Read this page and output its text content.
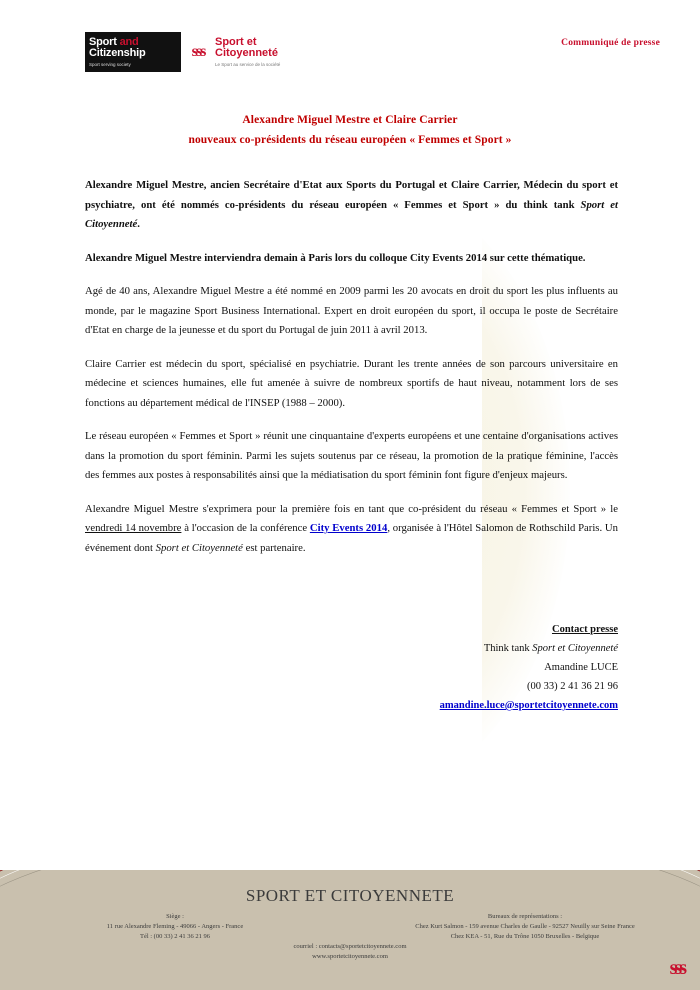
Sport and
Citizenship
Sport serving society
sss
Sport et
Citoyenneté
Le Sport au service de la société
Communiqué de presse
Alexandre Miguel Mestre et Claire Carrier
nouveaux co-présidents du réseau européen « Femmes et Sport »

Alexandre Miguel Mestre, ancien Secrétaire d'Etat aux Sports du Portugal et Claire Carrier, Médecin du sport et psychiatre, ont été nommés co-présidents du réseau européen « Femmes et Sport » du think tank Sport et Citoyenneté.

Alexandre Miguel Mestre interviendra demain à Paris lors du colloque City Events 2014 sur cette thématique.

Agé de 40 ans, Alexandre Miguel Mestre a été nommé en 2009 parmi les 20 avocats en droit du sport les plus influents au monde, par le magazine Sport Business International. Expert en droit européen du sport, il occupa le poste de Secrétaire d'Etat en charge de la jeunesse et du sport du Portugal de juin 2011 à avril 2013.

Claire Carrier est médecin du sport, spécialisé en psychiatrie. Durant les trente années de son parcours universitaire en médecine et sciences humaines, elle fut amenée à suivre de nombreux sportifs de haut niveau, notamment lors de ses fonctions au département médical de l'INSEP (1988 – 2000).

Le réseau européen « Femmes et Sport » réunit une cinquantaine d'experts européens et une centaine d'organisations actives dans la promotion du sport féminin. Parmi les sujets soutenus par ce réseau, la promotion de la pratique féminine, l'accès des femmes aux postes à responsabilités ainsi que la médiatisation du sport féminin font figure d'enjeux majeurs.

Alexandre Miguel Mestre s'exprimera pour la première fois en tant que co-président du réseau « Femmes et Sport » le vendredi 14 novembre à l'occasion de la conférence City Events 2014, organisée à l'Hôtel Salomon de Rothschild Paris. Un événement dont Sport et Citoyenneté est partenaire.

Contact presse
Think tank Sport et Citoyenneté
Amandine LUCE
(00 33) 2 41 36 21 96
amandine.luce@sportetcitoyennete.com
SPORT ET CITOYENNETE
Siège :
11 rue Alexandre Fleming - 49066 - Angers - France
Tél : (00 33) 2 41 36 21 96
Bureaux de représentations :
Chez Kurt Salmon - 159 avenue Charles de Gaulle - 92527 Neuilly sur Seine France
Chez KEA - 51, Rue du Trône 1050 Bruxelles - Belgique
courriel : contacts@sportetcitoyennete.com
www.sportetcitoyennete.com
sss
